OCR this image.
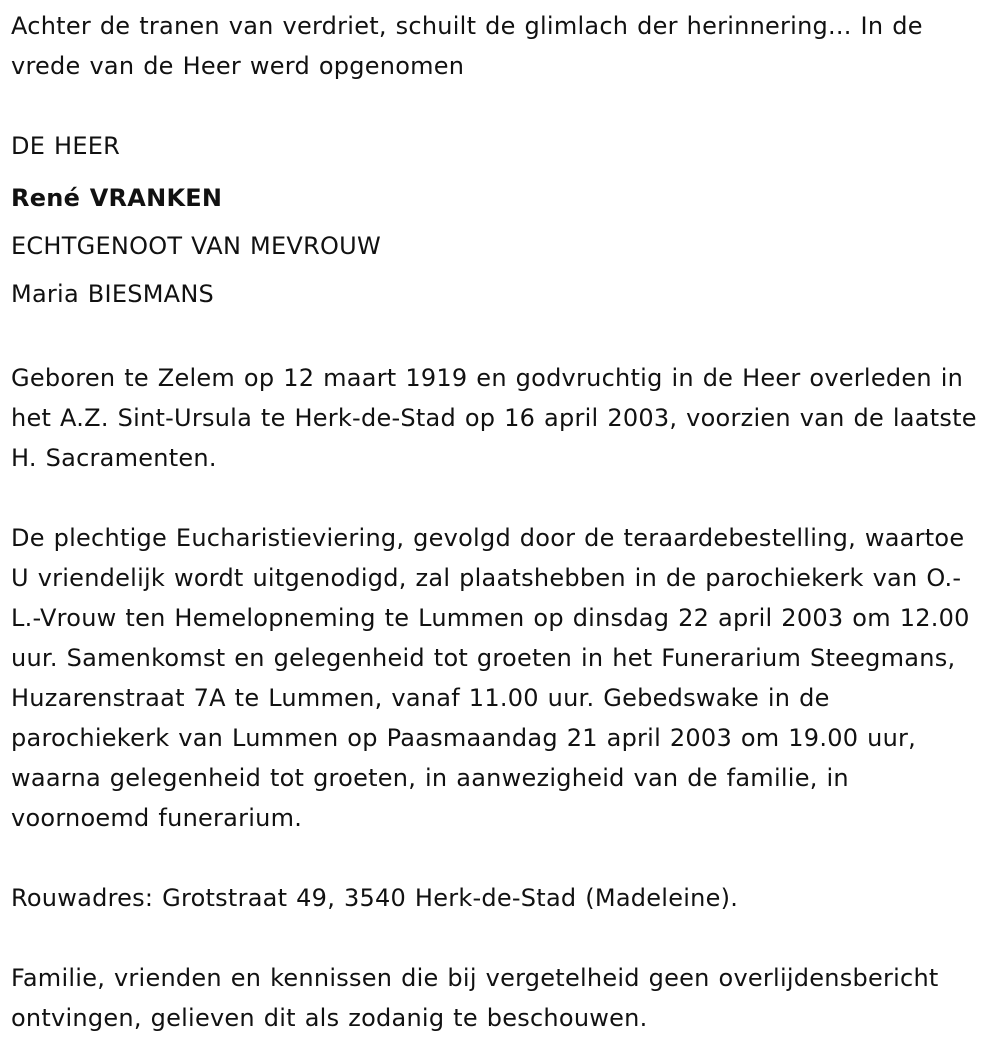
Achter de tranen van verdriet, schuilt de glimlach der herinnering... In de vrede van de Heer werd opgenomen

DE HEER

René VRANKEN

ECHTGENOOT VAN MEVROUW

Maria BIESMANS

Geboren te Zelem op 12 maart 1919 en godvruchtig in de Heer overleden in het A.Z. Sint-Ursula te Herk-de-Stad op 16 april 2003, voorzien van de laatste H. Sacramenten.

De plechtige Eucharistieviering, gevolgd door de teraardebestelling, waartoe U vriendelijk wordt uitgenodigd, zal plaatshebben in de parochiekerk van O.-L.-Vrouw ten Hemelopneming te Lummen op dinsdag 22 april 2003 om 12.00 uur. Samenkomst en gelegenheid tot groeten in het Funerarium Steegmans, Huzarenstraat 7A te Lummen, vanaf 11.00 uur. Gebedswake in de parochiekerk van Lummen op Paasmaandag 21 april 2003 om 19.00 uur, waarna gelegenheid tot groeten, in aanwezigheid van de familie, in voornoemd funerarium.

Rouwadres: Grotstraat 49, 3540 Herk-de-Stad (Madeleine).

Familie, vrienden en kennissen die bij vergetelheid geen overlijdensbericht ontvingen, gelieven dit als zodanig te beschouwen.
